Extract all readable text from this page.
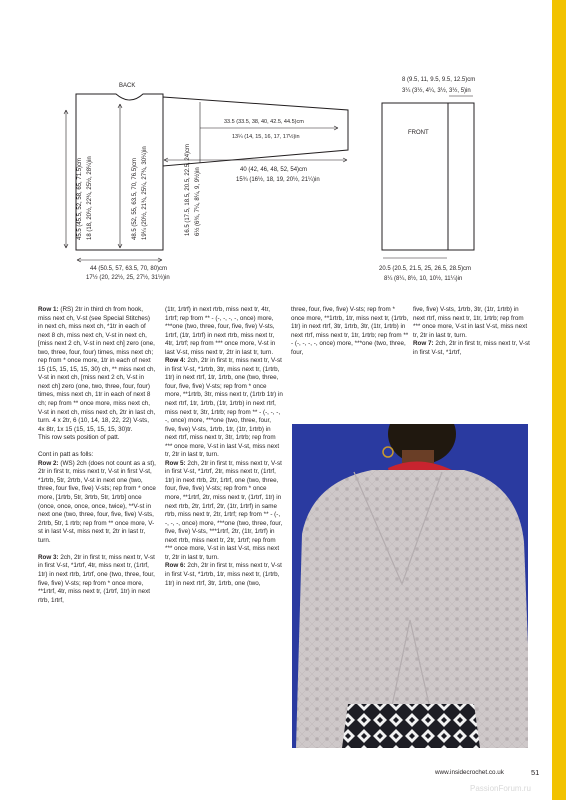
BACK
FRONT
45.5 (45.5, 52, 58, 65, 71.5)cm 18 (18, 20½, 22¾, 25½, 28¼)in	48.5 (52, 55, 63.5, 70, 76.5)cm 19¼ (20½, 21¾, 25¼, 27¾, 30¼)in
44 (50.5, 57, 63.5, 70, 80)cm
17½ (20, 22½, 25, 27½, 31½)in
16.5 (17.5, 18.5, 20.5, 22.5, 24)cm 6½ (6¾, 7¼, 8¼, 9, 9½)in
33.5 (33.5, 38, 40, 42.5, 44.5)cm
13¼ (14, 15, 16, 17, 17½)in
40 (42, 46, 48, 52, 54)cm
15¾ (16½, 18, 19, 20½, 21¼)in
8 (9.5, 11, 9.5, 9.5, 12.5)cm
3¼ (3½, 4¼, 3½, 3½, 5)in
20.5 (20.5, 21.5, 25, 26.5, 28.5)cm
8¼ (8¼, 8½, 10, 10½, 11¼)in

Row 1: (RS) 2tr in third ch from hook, miss next ch, V-st (see Special Stitches) in next ch, miss next ch, *1tr in each of next 8 ch, miss next ch, V-st in next ch, [miss next 2 ch, V-st in next ch] zero (one, two, three, four, four) times, miss next ch; rep from * once more, 1tr in each of next 15 (15, 15, 15, 15, 30) ch, ** miss next ch, V-st in next ch, [miss next 2 ch, V-st in next ch] zero (one, two, three, four, four) times, miss next ch, 1tr in each of next 8 ch; rep from ** once more, miss next ch, V-st in next ch, miss next ch, 2tr in last ch, turn. 4 x 2tr, 6 (10, 14, 18, 22, 22) V-sts, 4x 8tr, 1x 15 (15, 15, 15, 15, 30)tr.

This row sets position of patt.

Cont in patt as folls:

Row 2: (WS) 2ch (does not count as a st), 2tr in first tr, miss next tr, V-st in first V-st, *1rtrb, 5tr, 2rtrb, V-st in next one (two, three, four five, five) V-sts; rep from * once more, [1rtrb, 5tr, 3rtrb, 5tr, 1rtrb] once (once, once, once, once, twice), **V-st in next one (two, three, four, five, five) V-sts, 2rtrb, 5tr, 1 rtrb; rep from ** once more, V-st in last V-st, miss next tr, 2tr in last tr, turn.

Row 3: 2ch, 2tr in first tr, miss next tr, V-st in first V-st, *1rtrf, 4tr, miss next tr, (1rtrf, 1tr) in next rtrb, 1rtrf, one (two, three, four, five, five) V-sts; rep from * once more, **1rtrf, 4tr, miss next tr, (1rtrf, 1tr) in next rtrb, 1rtrf,

(1tr, 1rtrf) in next rtrb, miss next tr, 4tr, 1rtrf; rep from ** - (-, -, -, -, once) more, ***one (two, three, four, five, five) V-sts, 1rtrf, (1tr, 1rtrf) in next rtrb, miss next tr, 4tr, 1rtrf; rep from *** once more, V-st in last V-st, miss next tr, 2tr in last tr, turn.

Row 4: 2ch, 2tr in first tr, miss next tr, V-st in first V-st, *1rtrb, 3tr, miss next tr, (1rtrb, 1tr) in next rtrf, 1tr, 1rtrb, one (two, three, four, five, five) V-sts; rep from * once more, **1rtrb, 3tr, miss next tr, (1rtrb 1tr) in next rtrf, 1tr, 1rtrb, (1tr, 1rtrb) in next rtrf, miss next tr, 3tr, 1rtrb; rep from ** - (-, -, -, -, once) more, ***one (two, three, four, five, five) V-sts, 1rtrb, 1tr, (1tr, 1rtrb) in next rtrf, miss next tr, 3tr, 1rtrb; rep from *** once more, V-st in last V-st, miss next tr, 2tr in last tr, turn.

Row 5: 2ch, 2tr in first tr, miss next tr, V-st in first V-st, *1rtrf, 2tr, miss next tr, (1rtrf, 1tr) in next rtrb, 2tr, 1rtrf, one (two, three, four, five, five) V-sts; rep from * once more, **1rtrf, 2tr, miss next tr, (1rtrf, 1tr) in next rtrb, 2tr, 1rtrf, 2tr, (1tr, 1rtrf) in same rtrb, miss next tr, 2tr, 1rtrf; rep from ** - (-, -, -, -, once) more, ***one (two, three, four, five, five) V-sts, ***1rtrf, 2tr, (1tr, 1rtrf) in next rtrb, miss next tr, 2tr, 1rtrf; rep from *** once more, V-st in last V-st, miss next tr, 2tr in last tr, turn.

Row 6: 2ch, 2tr in first tr, miss next tr, V-st in first V-st, *1rtrb, 1tr, miss next tr, (1rtrb, 1tr) in next rtrf, 3tr, 1rtrb, one (two,

three, four, five, five) V-sts; rep from * once more, **1rtrb, 1tr, miss next tr, (1rtrb, 1tr) in next rtrf, 3tr, 1rtrb, 3tr, (1tr, 1rtrb) in next rtrf, miss next tr, 1tr, 1rtrb; rep from ** - (-, -, -, -, once) more, ***one (two, three, four,

five, five) V-sts, 1rtrb, 3tr, (1tr, 1rtrb) in next rtrf, miss next tr, 1tr, 1rtrb; rep from *** once more, V-st in last V-st, miss next tr, 2tr in last tr, turn.

Row 7: 2ch, 2tr in first tr, miss next tr, V-st in first V-st, *1rtrf,

www.insidecrochet.co.uk	51
PassionForum.ru
